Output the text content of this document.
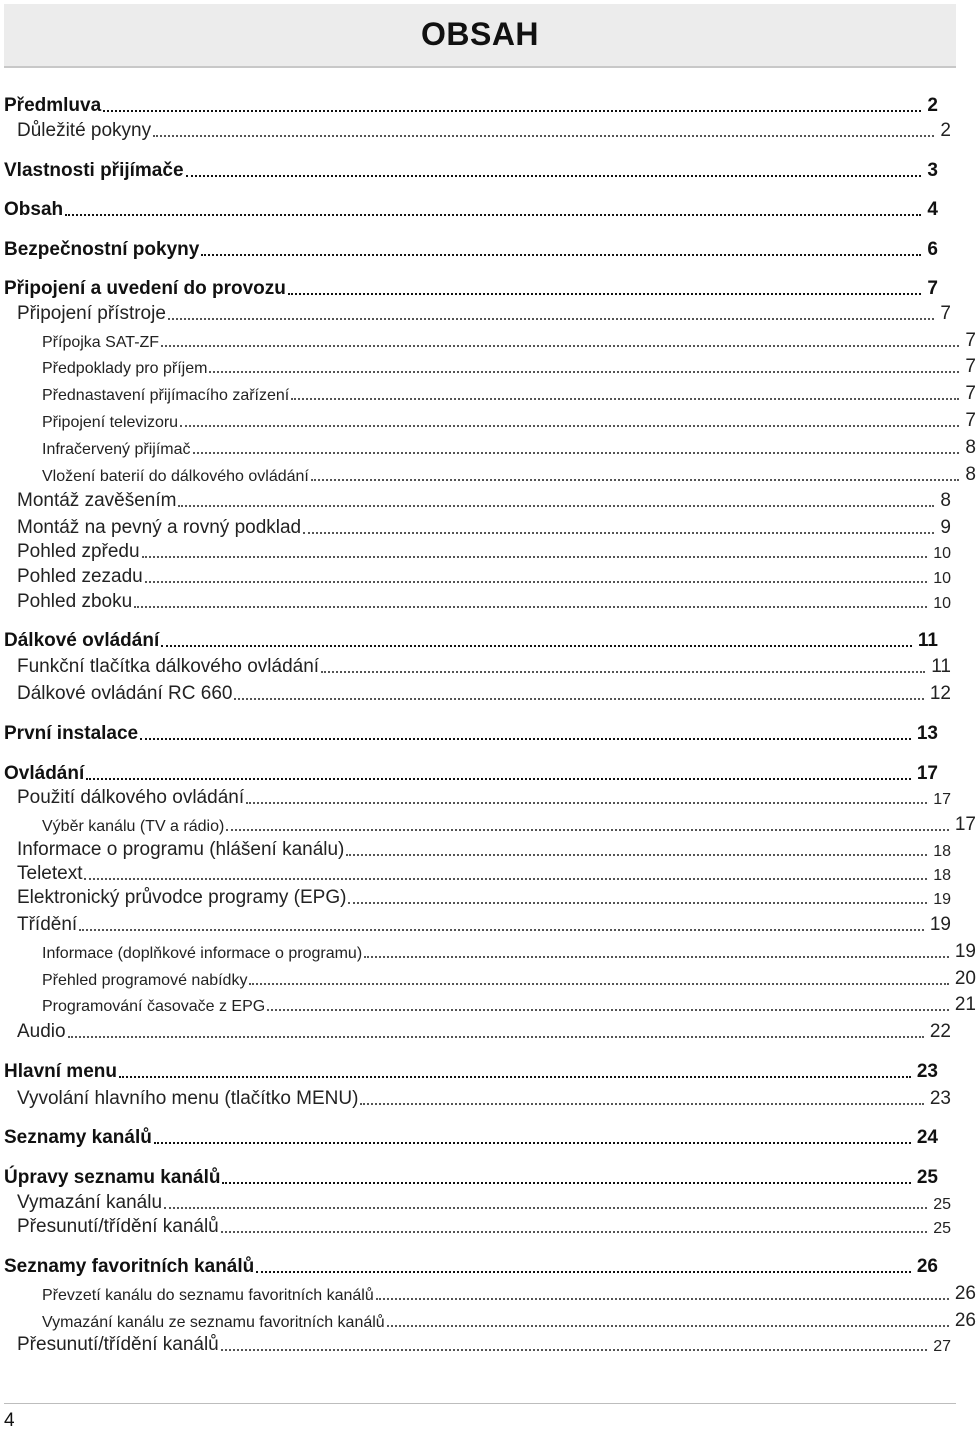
OBSAH
Předmluva	2
Důležité pokyny	2
Vlastnosti přijímače	3
Obsah	4
Bezpečnostní pokyny	6
Připojení a uvedení do provozu	7
Připojení přístroje	7
Přípojka SAT-ZF	7
Předpoklady pro příjem	7
Přednastavení přijímacího zařízení	7
Připojení televizoru	7
Infračervený přijímač	8
Vložení baterií do dálkového ovládání	8
Montáž zavěšením	8
Montáž na pevný a rovný podklad	9
Pohled zpředu	10
Pohled zezadu	10
Pohled zboku	10
Dálkové ovládání	11
Funkční tlačítka dálkového ovládání	11
Dálkové ovládání RC 660	12
První instalace	13
Ovládání	17
Použití dálkového ovládání	17
Výběr kanálu (TV a rádio)	17
Informace o programu (hlášení kanálu)	18
Teletext	18
Elektronický průvodce programy (EPG)	19
Třídění	19
Informace (doplňkové informace o programu)	19
Přehled programové nabídky	20
Programování časovače z EPG	21
Audio	22
Hlavní menu	23
Vyvolání hlavního menu (tlačítko MENU)	23
Seznamy kanálů	24
Úpravy seznamu kanálů	25
Vymazání kanálu	25
Přesunutí/třídění kanálů	25
Seznamy favoritních kanálů	26
Převzetí kanálu do seznamu favoritních kanálů	26
Vymazání kanálu ze seznamu favoritních kanálů	26
Přesunutí/třídění kanálů	27
4
